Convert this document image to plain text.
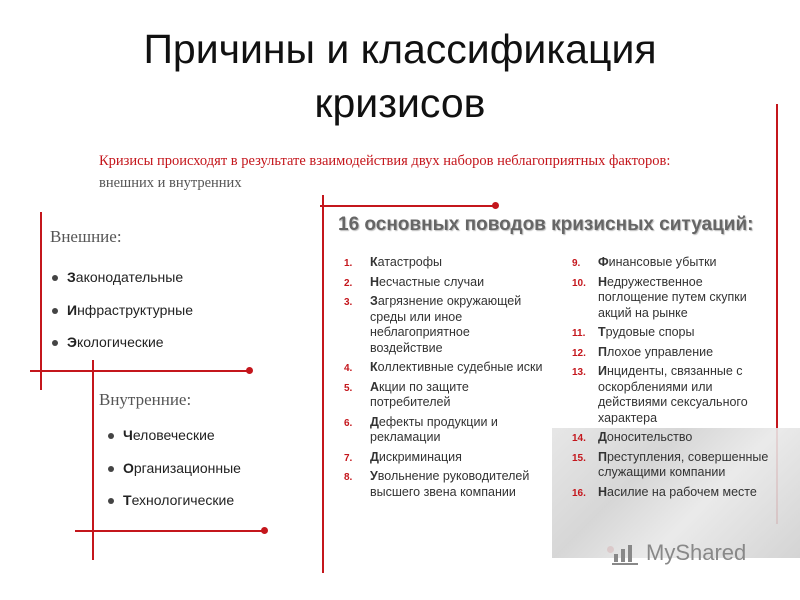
Причины и классификация
кризисов
Кризисы происходят в результате взаимодействия двух наборов неблагоприятных факторов:
внешних и внутренних
Внешние:
Законодательные
Инфраструктурные
Экологические
Внутренние:
Человеческие
Организационные
Технологические
16 основных поводов кризисных ситуаций:
1. Катастрофы
2. Несчастные случаи
3. Загрязнение окружающей среды или иное неблагоприятное воздействие
4. Коллективные судебные иски
5. Акции по защите потребителей
6. Дефекты продукции и рекламации
7. Дискриминация
8. Увольнение руководителей высшего звена компании
9. Финансовые убытки
10. Недружественное поглощение путем скупки акций на рынке
11. Трудовые споры
12. Плохое управление
13. Инциденты, связанные с оскорблениями или действиями сексуального характера
14. Доносительство
15. Преступления, совершенные служащими компании
16. Насилие на рабочем месте
MyShared
